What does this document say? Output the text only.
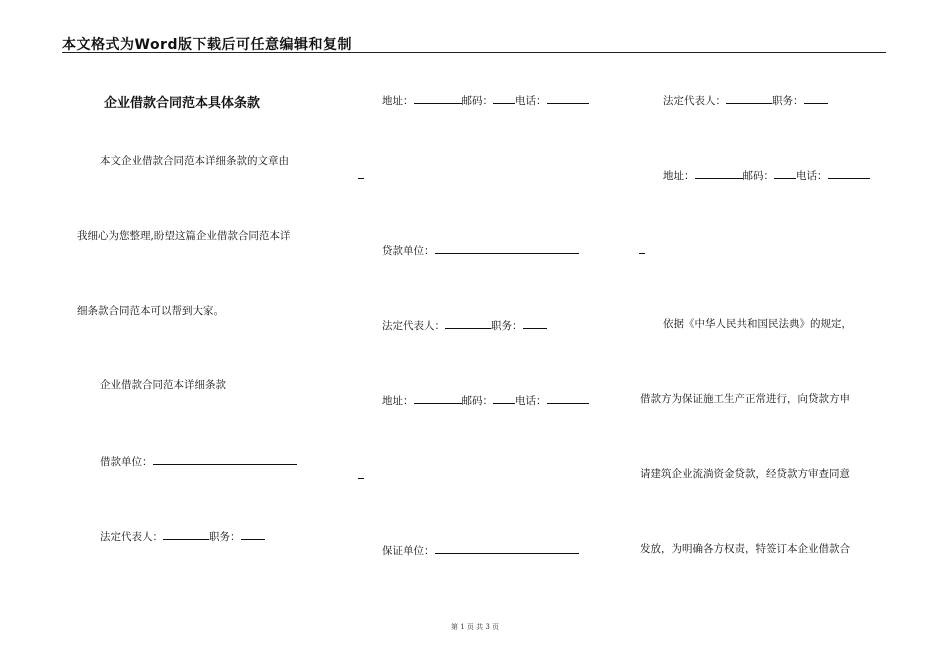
本文格式为Word版下载后可任意编辑和复制
企业借款合同范本具体条款
本文企业借款合同范本详细条款的文章由
我细心为您整理,盼望这篇企业借款合同范本详
细条款合同范本可以帮到大家。
企业借款合同范本详细条款
借款单位：
法定代表人：	职务：
地址：	邮码： 电话：
贷款单位：
法定代表人：	职务：
地址：	邮码： 电话：
保证单位：
法定代表人：	职务：
地址：	邮码： 电话：
依据《中华人民共和国民法典》的规定，
借款方为保证施工生产正常进行，向贷款方申
请建筑企业流淌资金贷款，经贷款方审查同意
发放，为明确各方权责，特签订本企业借款合
第 1 页 共 3 页
